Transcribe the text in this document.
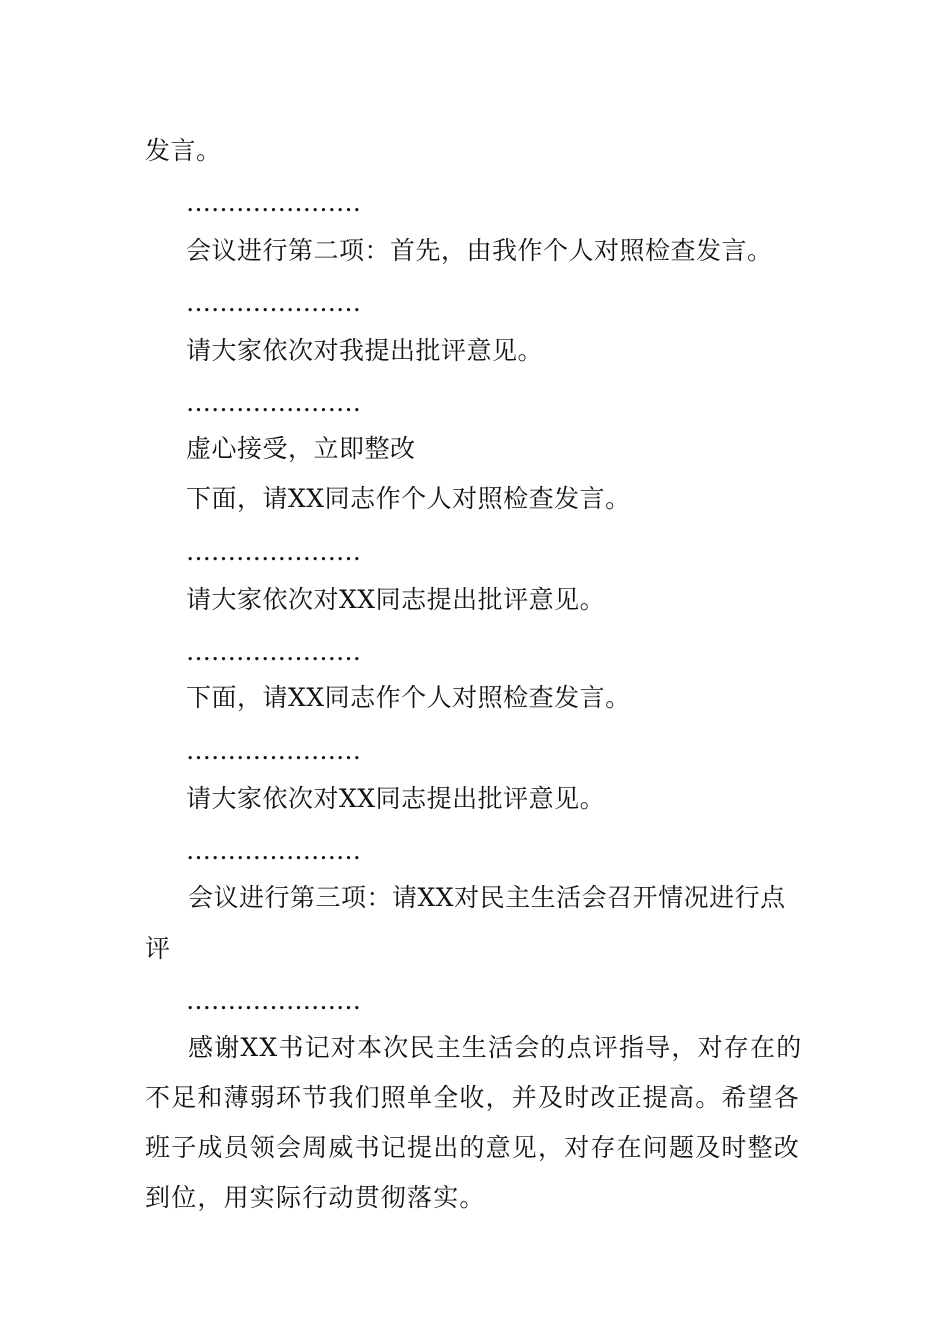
发言。
…………………
会议进行第二项：首先，由我作个人对照检查发言。
…………………
请大家依次对我提出批评意见。
…………………
虚心接受，立即整改
下面，请XX同志作个人对照检查发言。
…………………
请大家依次对XX同志提出批评意见。
…………………
下面，请XX同志作个人对照检查发言。
…………………
请大家依次对XX同志提出批评意见。
…………………
会议进行第三项：请XX对民主生活会召开情况进行点
评
…………………
感谢XX书记对本次民主生活会的点评指导，对存在的
不足和薄弱环节我们照单全收，并及时改正提高。希望各
班子成员领会周威书记提出的意见，对存在问题及时整改
到位，用实际行动贯彻落实。
